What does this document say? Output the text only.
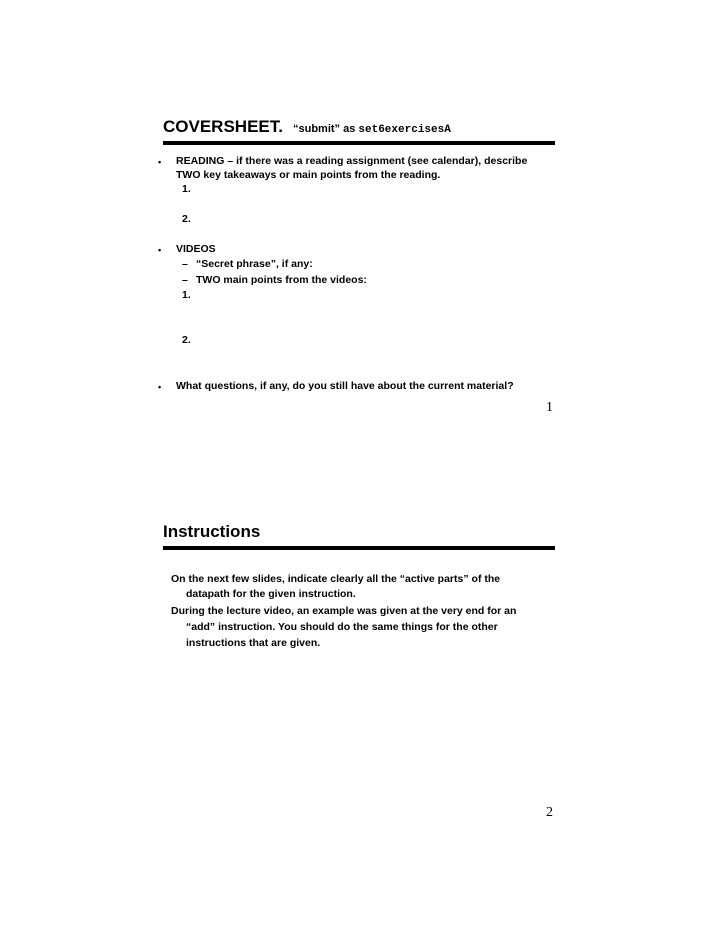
COVERSHEET. “submit” as set6exercisesA
• READING – if there was a reading assignment (see calendar), describe
TWO key takeaways or main points from the reading.
1.
2.
• VIDEOS
– “Secret phrase”, if any:
– TWO main points from the videos:
1.
2.
• What questions, if any, do you still have about the current material?
1
Instructions
On the next few slides, indicate clearly all the “active parts” of the
datapath for the given instruction.
During the lecture video, an example was given at the very end for an
“add” instruction. You should do the same things for the other
instructions that are given.
2
